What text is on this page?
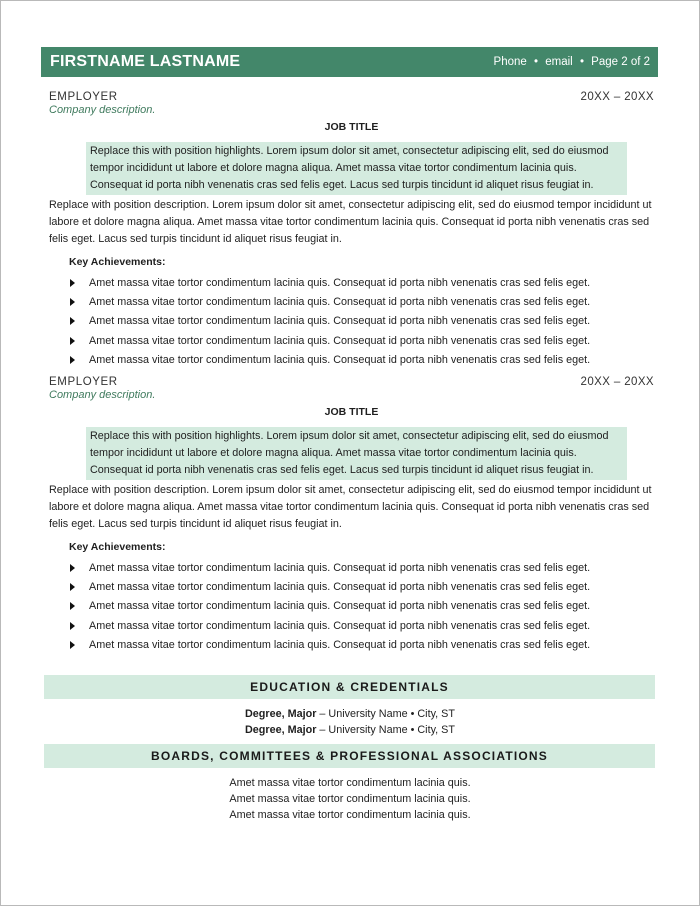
FIRSTNAME LASTNAME	Phone • email • Page 2 of 2
EMPLOYER	20XX – 20XX
Company description.
JOB TITLE
Replace this with position highlights. Lorem ipsum dolor sit amet, consectetur adipiscing elit, sed do eiusmod tempor incididunt ut labore et dolore magna aliqua. Amet massa vitae tortor condimentum lacinia quis. Consequat id porta nibh venenatis cras sed felis eget. Lacus sed turpis tincidunt id aliquet risus feugiat in.
Replace with position description. Lorem ipsum dolor sit amet, consectetur adipiscing elit, sed do eiusmod tempor incididunt ut labore et dolore magna aliqua. Amet massa vitae tortor condimentum lacinia quis. Consequat id porta nibh venenatis cras sed felis eget. Lacus sed turpis tincidunt id aliquet risus feugiat in.
Key Achievements:
Amet massa vitae tortor condimentum lacinia quis. Consequat id porta nibh venenatis cras sed felis eget.
Amet massa vitae tortor condimentum lacinia quis. Consequat id porta nibh venenatis cras sed felis eget.
Amet massa vitae tortor condimentum lacinia quis. Consequat id porta nibh venenatis cras sed felis eget.
Amet massa vitae tortor condimentum lacinia quis. Consequat id porta nibh venenatis cras sed felis eget.
Amet massa vitae tortor condimentum lacinia quis. Consequat id porta nibh venenatis cras sed felis eget.
EMPLOYER	20XX – 20XX
Company description.
JOB TITLE
Replace this with position highlights. Lorem ipsum dolor sit amet, consectetur adipiscing elit, sed do eiusmod tempor incididunt ut labore et dolore magna aliqua. Amet massa vitae tortor condimentum lacinia quis. Consequat id porta nibh venenatis cras sed felis eget. Lacus sed turpis tincidunt id aliquet risus feugiat in.
Replace with position description. Lorem ipsum dolor sit amet, consectetur adipiscing elit, sed do eiusmod tempor incididunt ut labore et dolore magna aliqua. Amet massa vitae tortor condimentum lacinia quis. Consequat id porta nibh venenatis cras sed felis eget. Lacus sed turpis tincidunt id aliquet risus feugiat in.
Key Achievements:
Amet massa vitae tortor condimentum lacinia quis. Consequat id porta nibh venenatis cras sed felis eget.
Amet massa vitae tortor condimentum lacinia quis. Consequat id porta nibh venenatis cras sed felis eget.
Amet massa vitae tortor condimentum lacinia quis. Consequat id porta nibh venenatis cras sed felis eget.
Amet massa vitae tortor condimentum lacinia quis. Consequat id porta nibh venenatis cras sed felis eget.
Amet massa vitae tortor condimentum lacinia quis. Consequat id porta nibh venenatis cras sed felis eget.
EDUCATION & CREDENTIALS
Degree, Major – University Name • City, ST
Degree, Major – University Name • City, ST
BOARDS, COMMITTEES & PROFESSIONAL ASSOCIATIONS
Amet massa vitae tortor condimentum lacinia quis.
Amet massa vitae tortor condimentum lacinia quis.
Amet massa vitae tortor condimentum lacinia quis.
